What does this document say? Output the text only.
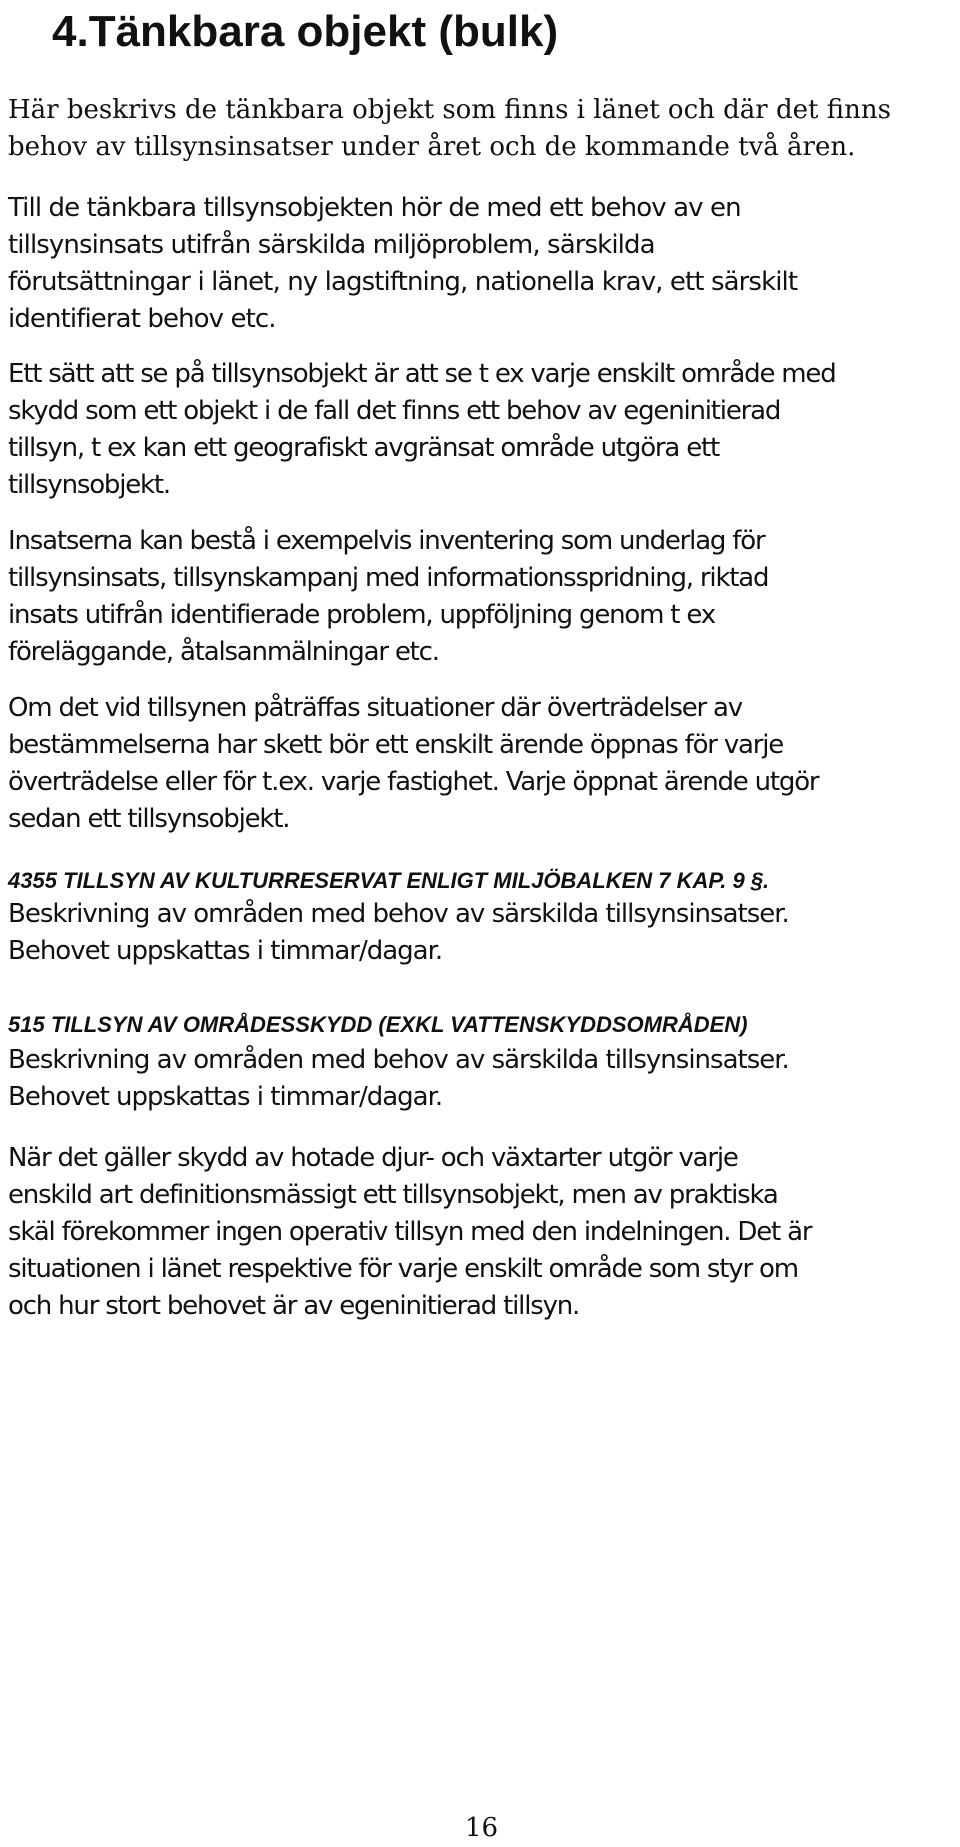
4.Tänkbara objekt (bulk)

Här beskrivs de tänkbara objekt som finns i länet och där det finns
behov av tillsynsinsatser under året och de kommande två åren.

Till de tänkbara tillsynsobjekten hör de med ett behov av en
tillsynsinsats utifrån särskilda miljöproblem, särskilda
förutsättningar i länet, ny lagstiftning, nationella krav, ett särskilt
identifierat behov etc.

Ett sätt att se på tillsynsobjekt är att se t ex varje enskilt område med
skydd som ett objekt i de fall det finns ett behov av egeninitierad
tillsyn, t ex kan ett geografiskt avgränsat område utgöra ett
tillsynsobjekt.

Insatserna kan bestå i exempelvis inventering som underlag för
tillsynsinsats, tillsynskampanj med informationsspridning, riktad
insats utifrån identifierade problem, uppföljning genom t ex
föreläggande, åtalsanmälningar etc.

Om det vid tillsynen påträffas situationer där överträdelser av
bestämmelserna har skett bör ett enskilt ärende öppnas för varje
överträdelse eller för t.ex. varje fastighet. Varje öppnat ärende utgör
sedan ett tillsynsobjekt.

4355 TILLSYN AV KULTURRESERVAT ENLIGT MILJÖBALKEN 7 KAP. 9 §.

Beskrivning av områden med behov av särskilda tillsynsinsatser.
Behovet uppskattas i timmar/dagar.

515 TILLSYN AV OMRÅDESSKYDD (EXKL VATTENSKYDDSOMRÅDEN)

Beskrivning av områden med behov av särskilda tillsynsinsatser.
Behovet uppskattas i timmar/dagar.

När det gäller skydd av hotade djur- och växtarter utgör varje
enskild art definitionsmässigt ett tillsynsobjekt, men av praktiska
skäl förekommer ingen operativ tillsyn med den indelningen. Det är
situationen i länet respektive för varje enskilt område som styr om
och hur stort behovet är av egeninitierad tillsyn.

16
